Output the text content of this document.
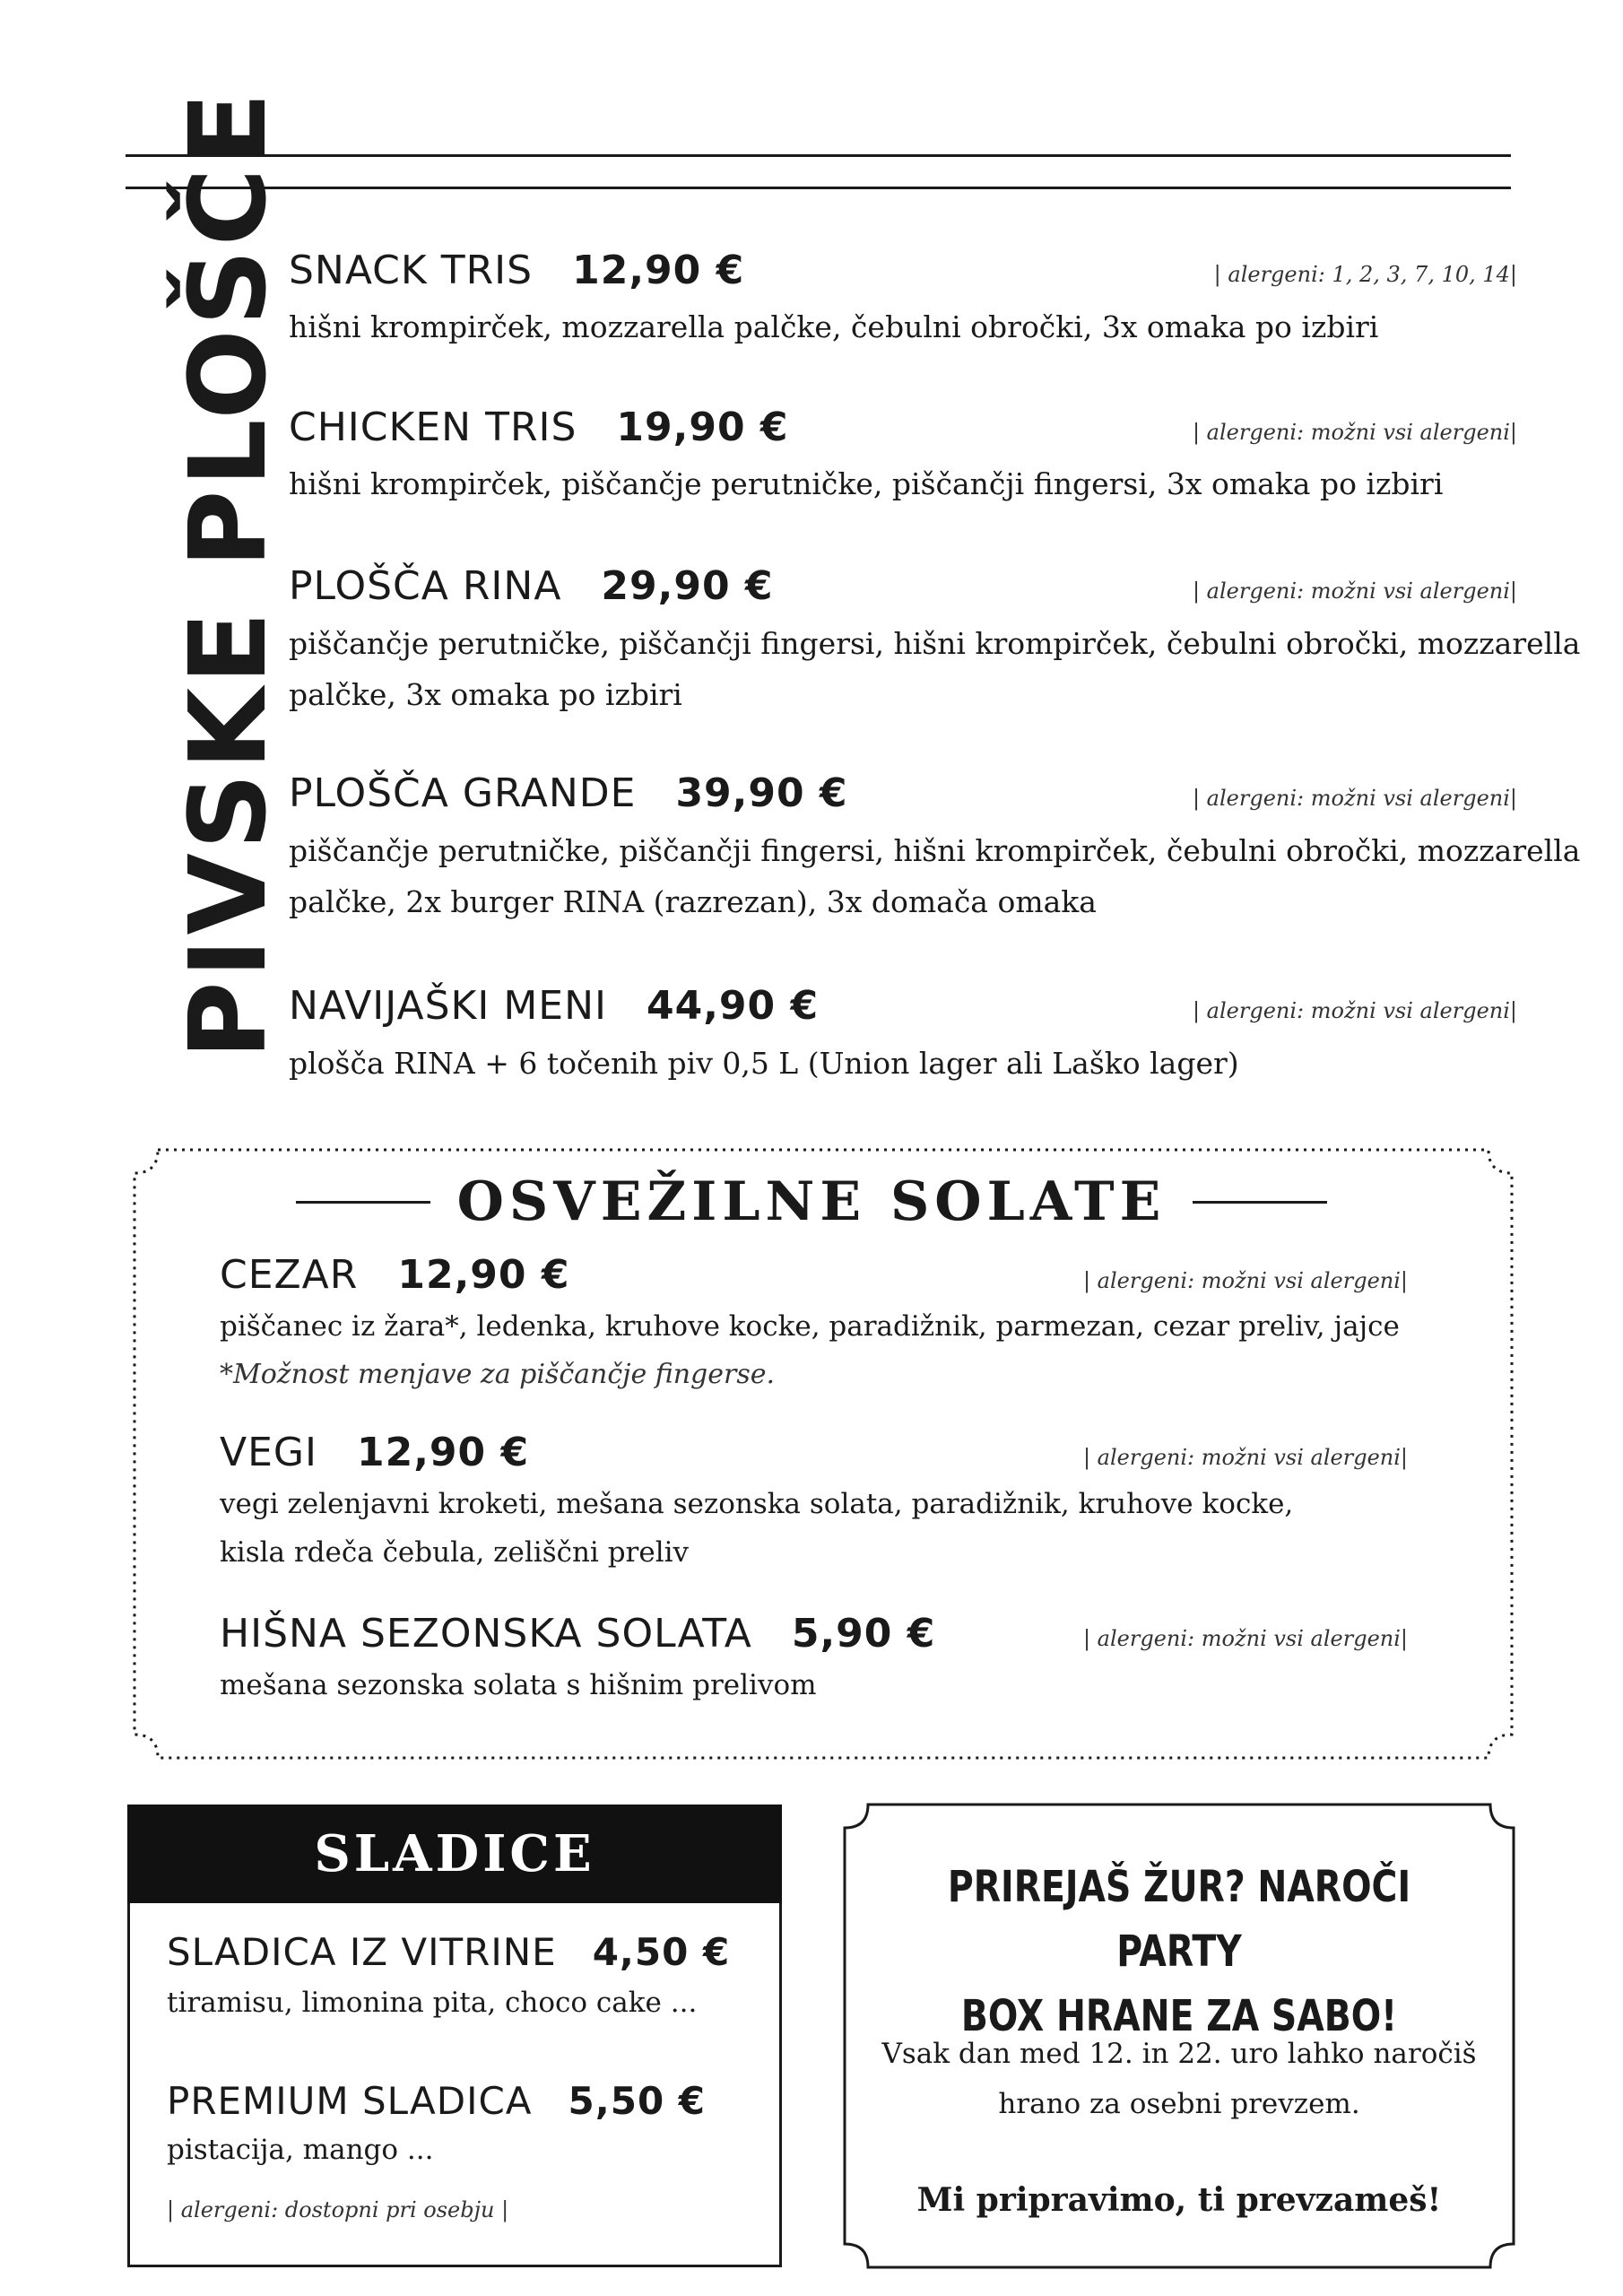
PIVSKE PLOŠČE SNACK TRIS 12,90 €	| alergeni: 1, 2, 3, 7, 10, 14|
hišni krompirček, mozzarella palčke, čebulni obročki, 3x omaka po izbiri
CHICKEN TRIS 19,90 €	| alergeni: možni vsi alergeni|
hišni krompirček, piščančje perutničke, piščančji fingersi, 3x omaka po izbiri
PLOŠČA RINA 29,90 €	| alergeni: možni vsi alergeni|
piščančje perutničke, piščančji fingersi, hišni krompirček, čebulni obročki, mozzarella
palčke, 3x omaka po izbiri
PLOŠČA GRANDE 39,90 €	| alergeni: možni vsi alergeni|
piščančje perutničke, piščančji fingersi, hišni krompirček, čebulni obročki, mozzarella
palčke, 2x burger RINA (razrezan), 3x domača omaka
NAVIJAŠKI MENI 44,90 €	| alergeni: možni vsi alergeni|
plošča RINA + 6 točenih piv 0,5 L (Union lager ali Laško lager)
OSVEŽILNE SOLATE
CEZAR 12,90 €	| alergeni: možni vsi alergeni|
piščanec iz žara*, ledenka, kruhove kocke, paradižnik, parmezan, cezar preliv, jajce
*Možnost menjave za piščančje fingerse.
VEGI 12,90 €	| alergeni: možni vsi alergeni|
vegi zelenjavni kroketi, mešana sezonska solata, paradižnik, kruhove kocke,
kisla rdeča čebula, zeliščni preliv
HIŠNA SEZONSKA SOLATA 5,90 €	| alergeni: možni vsi alergeni|
mešana sezonska solata s hišnim prelivom
SLADICE
SLADICA IZ VITRINE 4,50 €
tiramisu, limonina pita, choco cake ...
PREMIUM SLADICA 5,50 €
pistacija, mango ...
| alergeni: dostopni pri osebju |
PRIREJAŠ ŽUR? NAROČI PARTY
BOX HRANE ZA SABO!
Vsak dan med 12. in 22. uro lahko naročiš
hrano za osebni prevzem.
Mi pripravimo, ti prevzameš!
